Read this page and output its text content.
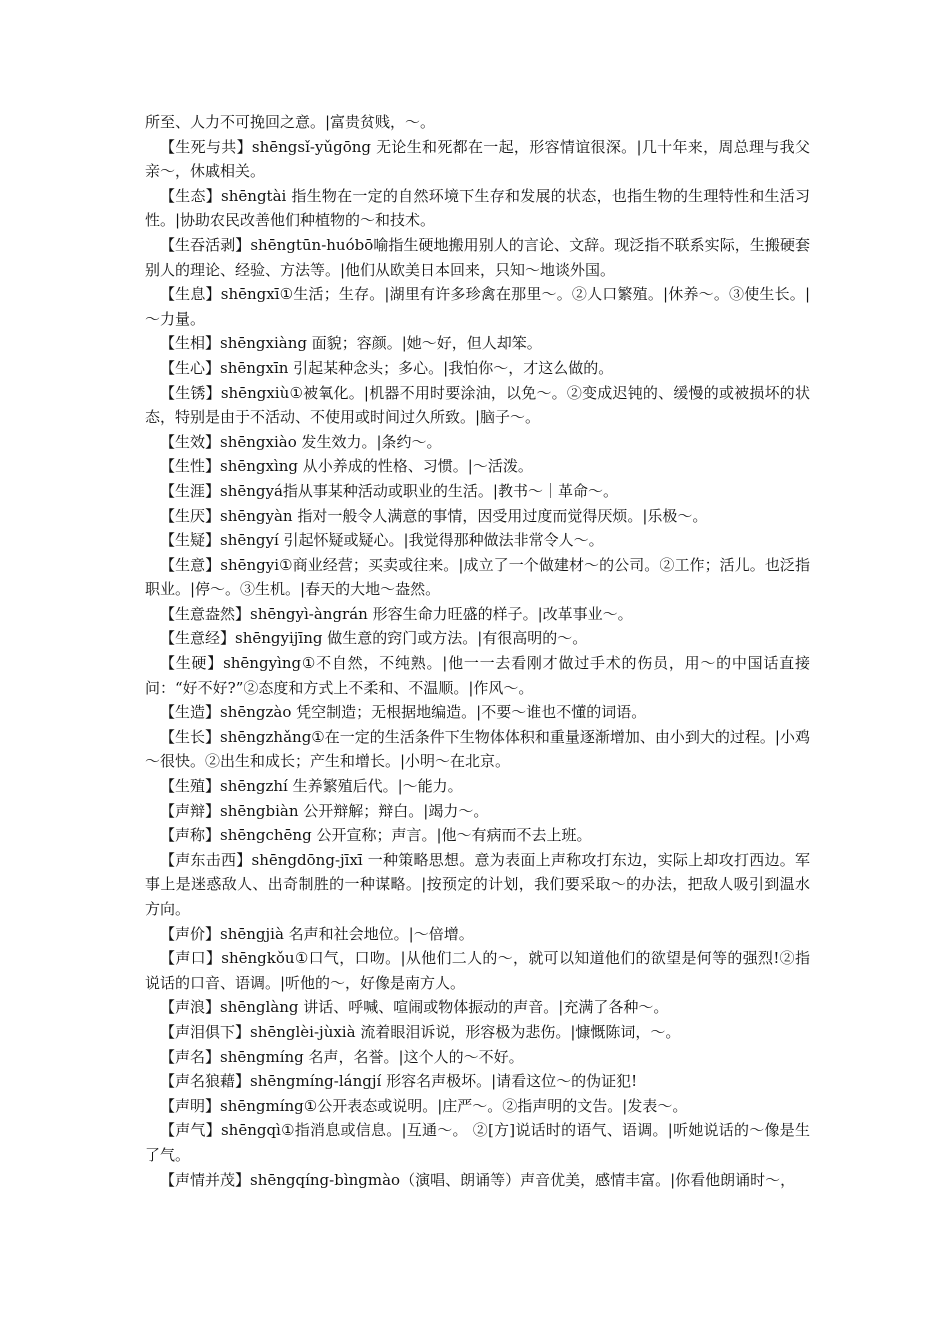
所至、人力不可挽回之意。|富贵贫贱，～。

【生死与共】shēngsǐ-yǔgōng 无论生和死都在一起，形容情谊很深。|几十年来，周总理与我父亲～，休戚相关。

【生态】shēngtài 指生物在一定的自然环境下生存和发展的状态，也指生物的生理特性和生活习性。|协助农民改善他们种植物的～和技术。

【生吞活剥】shēngtūn-huóbō喻指生硬地搬用别人的言论、文辞。现泛指不联系实际，生搬硬套别人的理论、经验、方法等。|他们从欧美日本回来，只知～地谈外国。

【生息】shēngxī①生活；生存。|湖里有许多珍禽在那里～。②人口繁殖。|休养～。③使生长。|～力量。

【生相】shēngxiàng 面貌；容颜。|她～好，但人却笨。

【生心】shēngxīn 引起某种念头；多心。|我怕你～，才这么做的。

【生锈】shēngxiù①被氧化。|机器不用时要涂油，以免～。②变成迟钝的、缓慢的或被损坏的状态，特别是由于不活动、不使用或时间过久所致。|脑子～。

【生效】shēngxiào 发生效力。|条约～。

【生性】shēngxìng 从小养成的性格、习惯。|～活泼。

【生涯】shēngyá指从事某种活动或职业的生活。|教书～｜革命～。

【生厌】shēngyàn 指对一般令人满意的事情，因受用过度而觉得厌烦。|乐极～。

【生疑】shēngyí 引起怀疑或疑心。|我觉得那种做法非常令人～。

【生意】shēngyi①商业经营；买卖或往来。|成立了一个做建材～的公司。②工作；活儿。也泛指职业。|停～。③生机。|春天的大地～盎然。

【生意盎然】shēngyì-àngrán 形容生命力旺盛的样子。|改革事业～。

【生意经】shēngyijīng 做生意的窍门或方法。|有很高明的～。

【生硬】shēngyìng①不自然，不纯熟。|他一一去看刚才做过手术的伤员，用～的中国话直接问：“好不好?”②态度和方式上不柔和、不温顺。|作风～。

【生造】shēngzào 凭空制造；无根据地编造。|不要～谁也不懂的词语。

【生长】shēngzhǎng①在一定的生活条件下生物体体积和重量逐渐增加、由小到大的过程。|小鸡～很快。②出生和成长；产生和增长。|小明～在北京。

【生殖】shēngzhí 生养繁殖后代。|～能力。

【声辩】shēngbiàn 公开辩解；辩白。|竭力～。

【声称】shēngchēng 公开宣称；声言。|他～有病而不去上班。

【声东击西】shēngdōng-jīxī 一种策略思想。意为表面上声称攻打东边，实际上却攻打西边。军事上是迷惑敌人、出奇制胜的一种谋略。|按预定的计划，我们要采取～的办法，把敌人吸引到温水方向。

【声价】shēngjià 名声和社会地位。|～倍增。

【声口】shēngkǒu①口气，口吻。|从他们二人的～，就可以知道他们的欲望是何等的强烈!②指说话的口音、语调。|听他的～，好像是南方人。

【声浪】shēnglàng 讲话、呼喊、喧闹或物体振动的声音。|充满了各种～。

【声泪俱下】shēnglèi-jùxià 流着眼泪诉说，形容极为悲伤。|慷慨陈词，～。

【声名】shēngmíng 名声，名誉。|这个人的～不好。

【声名狼藉】shēngmíng-lángjí 形容名声极坏。|请看这位～的伪证犯!

【声明】shēngmíng①公开表态或说明。|庄严～。②指声明的文告。|发表～。

【声气】shēngqì①指消息或信息。|互通～。 ②[方]说话时的语气、语调。|听她说话的～像是生了气。

【声情并茂】shēngqíng-bìngmào（演唱、朗诵等）声音优美，感情丰富。|你看他朗诵时～，
